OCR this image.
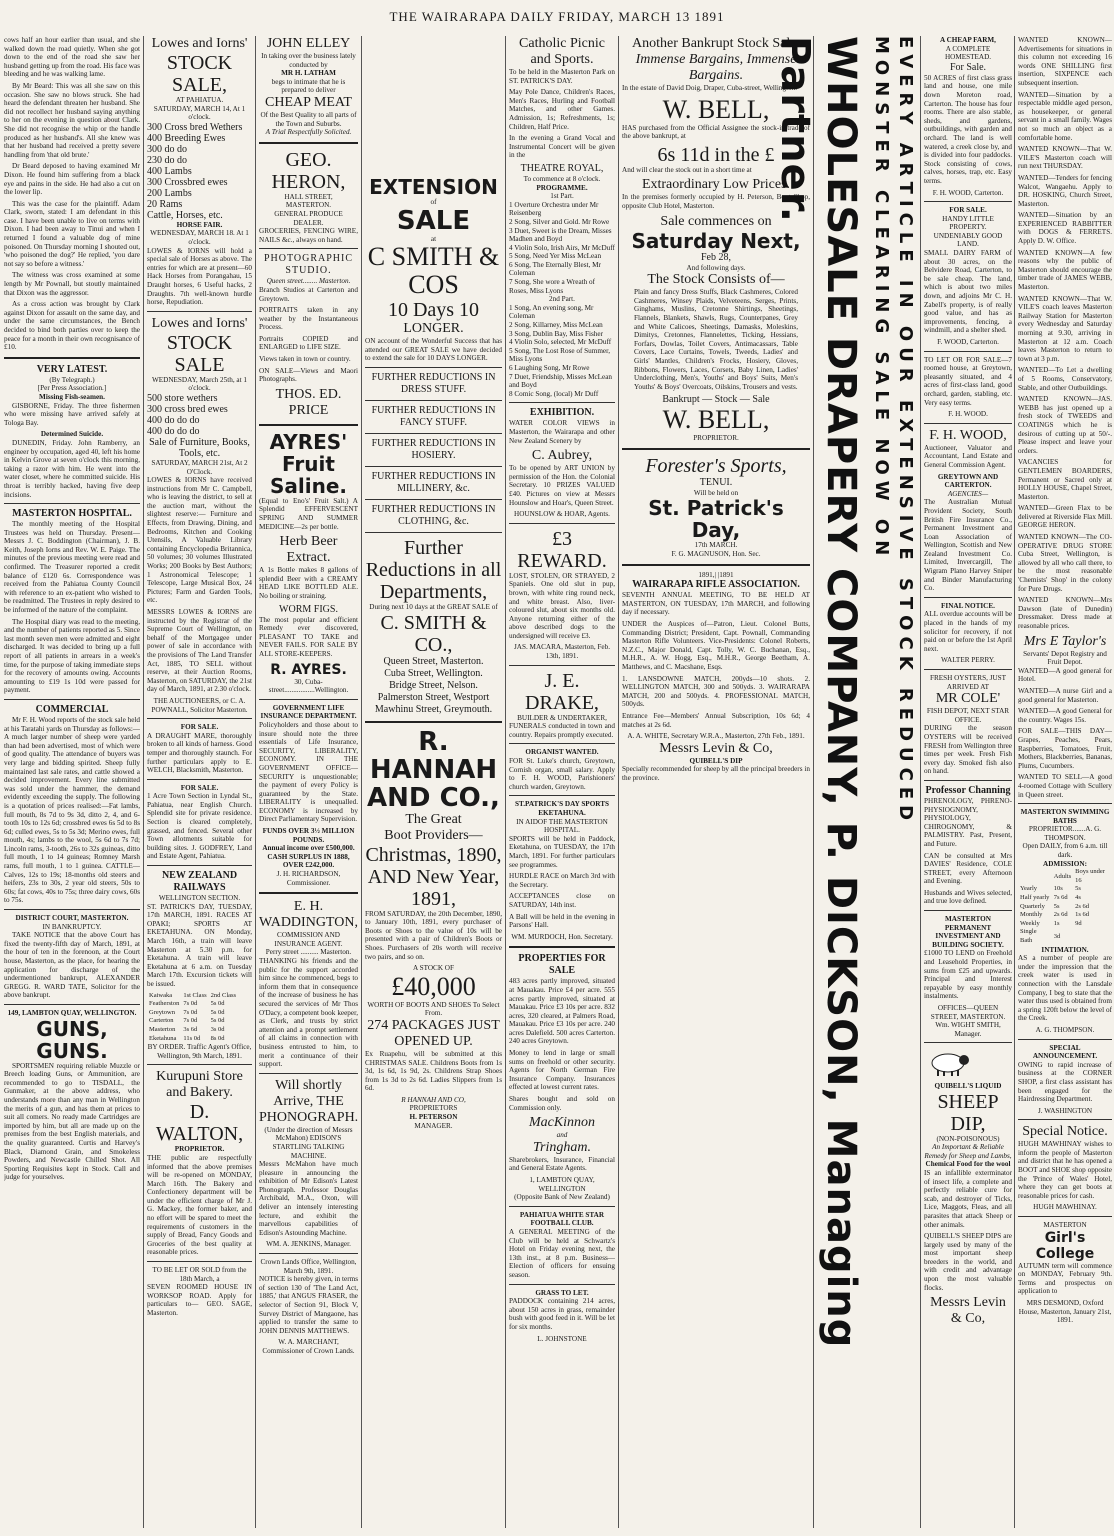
THE WAIRARAPA DAILY FRIDAY, MARCH 13 1891

cows half an hour earlier than usual, and she walked down the road quietly. When she got down to the end of the road she saw her husband getting up from the road. His face was bleeding and he was walking lame.

By Mr Beard: This was all she saw on this occasion. She saw no blows struck. She had heard the defendant threaten her husband. She did not recollect her husband saying anything to her on the evening in question about Clark. She did not recognise the whip or the handle produced as her husband's. All she knew was that her husband had received a pretty severe handling from 'that old brute.'

Dr Beard deposed to having examined Mr Dixon. He found him suffering from a black eye and pains in the side. He had also a cut on the lower lip.

This was the case for the plaintiff. Adam Clark, sworn, stated: I am defendant in this case. I have been unable to live on terms with Dixon. I had been away to Tinui and when I returned I found a valuable dog of mine poisoned. On Thursday morning I shouted out, 'who poisoned the dog?' He replied, 'you dare not say so before a witness.'

The witness was cross examined at some length by Mr Pownall, but stoutly maintained that Dixon was the aggressor.

As a cross action was brought by Clark against Dixon for assault on the same day, and under the same circumstances, the Bench decided to bind both parties over to keep the peace for a month in their own recognisance of £10.

VERY LATEST.
(By Telegraph.)
[Per Press Association.]
Missing Fish-seamen.

GISBORNE, Friday. The three fishermen who were missing have arrived safely at Tologa Bay.

Determined Suicide.

DUNEDIN, Friday. John Ramberry, an engineer by occupation, aged 40, left his home in Kelvin Grove at seven o'clock this morning, taking a razor with him. He went into the water closet, where he committed suicide. His throat is terribly hacked, having five deep incisions.

MASTERTON HOSPITAL.

The monthly meeting of the Hospital Trustees was held on Thursday. Present—Messrs J. C. Boddington (Chairman), J. B. Keith, Joseph Iorns and Rev. W. E. Paige. The minutes of the previous meeting were read and confirmed. The Treasurer reported a credit balance of £120 6s. Correspondence was received from the Pahiatua County Council with reference to an ex-patient who wished to be readmitted. The Trustees in reply desired to be informed of the nature of the complaint.

The Hospital diary was read to the meeting, and the number of patients reported as 5. Since last month seven men were admitted and eight discharged. It was decided to bring up a full report of all patients in arrears in a week's time, for the purpose of taking immediate steps for the recovery of amounts owing. Accounts amounting to £19 1s 10d were passed for payment.

COMMERCIAL

Mr F. H. Wood reports of the stock sale held at his Taratahi yards on Thursday as follows:—A much larger number of sheep were yarded than had been advertised, most of which were of good quality. The attendance of buyers was very large and bidding spirited. Sheep fully maintained last sale rates, and cattle showed a decided improvement. Every line submitted was sold under the hammer, the demand evidently exceeding the supply. The following is a quotation of prices realised:—Fat lambs, full mouth, 8s 7d to 9s 3d, ditto 2, 4, and 6-tooth 10s to 12s 6d; crossbred ewes 6s 5d to 8s 6d; culled ewes, 5s to 5s 3d; Merino ewes, full mouth, 4s; lambs to the wool, 5s 6d to 7s 7d; Lincoln rams, 3-tooth, 26s to 32s guineas, ditto full mouth, 1 to 14 guineas; Romney Marsh rams, full mouth, 1 to 1 guinea. CATTLE—Calves, 12s to 19s; 18-months old steers and heifers, 23s to 30s, 2 year old steers, 50s to 60s; fat cows, 40s to 75s; three dairy cows, 60s to 75s.

DISTRICT COURT, MASTERTON.
IN BANKRUPTCY.

TAKE NOTICE that the above Court has fixed the twenty-fifth day of March, 1891, at the hour of ten in the forenoon, at the Court house, Masterton, as the place, for hearing the application for discharge of the undermentioned bankrupt, ALEXANDER GREGG. R. WARD TATE, Solicitor for the above bankrupt.

149, LAMBTON QUAY, WELLINGTON.
GUNS, GUNS.

SPORTSMEN requiring reliable Muzzle or Breech loading Guns, or Ammunition, are recommended to go to TISDALL, the Gunmaker, at the above address, who understands more than any man in Wellington the merits of a gun, and has them at prices to suit all comers. No ready made Cartridges are imported by him, but all are made up on the premises from the best English materials, and the quality guaranteed. Curtis and Harvey's Black, Diamond Grain, and Smokeless Powders, and Newcastle Chilled Shot. All Sporting Requisites kept in Stock. Call and judge for yourselves.

Lowes and Iorns'
STOCK SALE,
AT PAHIATUA.
SATURDAY, MARCH 14, At 1 o'clock.
300 Cross bred Wethers
400 Breeding Ewes
300 do do
230 do do
400 Lambs
300 Crossbred ewes
200 Lambs
20 Rams
Cattle, Horses, etc.
HORSE FAIR.
WEDNESDAY, MARCH 18. At 1 o'clock.

LOWES & IORNS will hold a special sale of Horses as above. The entries for which are at present—60 Hack Horses from Porangahau, 15 Draught horses, 6 Useful hacks, 2 Draughts. 7th well-known hurdle horse, Repudiation.

Lowes and Iorns'
STOCK SALE
WEDNESDAY, March 25th, at 1 o'clock.
500 store wethers
300 cross bred ewes
400 do do do
400 do do do
Sale of Furniture, Books, Tools, etc.
SATURDAY, MARCH 21st, At 2 O'Clock.

LOWES & IORNS have received instructions from Mr C. Campbell, who is leaving the district, to sell at the auction mart, without the slightest reserve:— Furniture and Effects, from Drawing, Dining, and Bedrooms, Kitchen and Cooking Utensils, A Valuable Library containing Encyclopedia Britannica, 50 volumes; 30 volumes Illustrated Works; 200 Books by Best Authors; 1 Astronomical Telescope; 1 Telescope, Large Musical Box, 24 Pictures; Farm and Garden Tools, etc.

MESSRS LOWES & IORNS are instructed by the Registrar of the Supreme Court of Wellington, on behalf of the Mortgagee under power of sale in accordance with the provisions of The Land Transfer Act, 1885, TO SELL without reserve, at their Auction Rooms, Masterton, on SATURDAY, the 21st day of March, 1891, at 2.30 o'clock.

THE AUCTIONEERS, or C. A. POWNALL, Solicitor Masterton.
FOR SALE.

A DRAUGHT MARE, thoroughly broken to all kinds of harness. Good temper and thoroughly staunch. For further particulars apply to E. WELCH, Blacksmith, Masterton.

FOR SALE.

1 Acre Town Section in Lyndal St., Pahiatua, near English Church. Splendid site for private residence. Section is cleared completely, grassed, and fenced. Several other Town allotments suitable for building sites. J. GODFREY, Land and Estate Agent, Pahiatua.

NEW ZEALAND RAILWAYS
WELLINGTON SECTION.

ST. PATRICK'S DAY, TUESDAY, 17th MARCH, 1891. RACES AT OPAKI; SPORTS AT EKETAHUNA. ON Monday, March 16th, a train will leave Masterton at 5.30 p.m. for Eketahuna. A train will leave Eketahuna at 6 a.m. on Tuesday March 17th. Excursion tickets will be issued.

Kaiwaka	1st Class	2nd Class
Featherston	7s 0d	5s 0d
Greytown	7s 0d	5s 0d
Carterton	7s 0d	5s 0d
Masterton	3s 6d	3s 0d
Eketahuna	11s 0d	8s 0d
BY ORDER. Traffic Agent's Office, Wellington, 9th March, 1891.
Kurupuni Store and Bakery.
D. WALTON,
PROPRIETOR.

THE public are respectfully informed that the above premises will be re-opened on MONDAY, March 16th. The Bakery and Confectionery department will be under the efficient charge of Mr J. G. Mackey, the former baker, and no effort will be spared to meet the requirements of customers in the supply of Bread, Fancy Goods and Groceries of the best quality at reasonable prices.

TO BE LET OR SOLD from the 18th March, a

SEVEN ROOMED HOUSE IN WORKSOP ROAD. Apply for particulars to— GEO. SAGE, Masterton.

JOHN ELLEY
In taking over the business lately conducted by
MR H. LATHAM
begs to intimate that he is prepared to deliver
CHEAP MEAT
Of the Best Quality to all parts of the Town and Suburbs.
A Trial Respectfully Solicited.
GEO. HERON,
HALL STREET,
MASTERTON.
GENERAL PRODUCE DEALER.

GROCERIES, FENCING WIRE, NAILS &c., always on hand.

PHOTOGRAPHIC STUDIO.
Queen street........ Masterton.

Branch Studios at Carterton and Greytown.

PORTRAITS taken in any weather by the Instantaneous Process.

Portraits COPIED and ENLARGED to LIFE SIZE.

Views taken in town or country.

ON SALE—Views and Maori Photographs.

THOS. ED. PRICE
AYRES'
Fruit Saline.

(Equal to Eno's' Fruit Salt.) A Splendid EFFERVESCENT SPRING AND SUMMER MEDICINE—2s per bottle.

Herb Beer Extract.

A 1s Bottle makes 8 gallons of splendid Beer with a CREAMY HEAD LIKE BOTTLED ALE. No boiling or straining.

WORM FIGS.

The most popular and efficient Remedy ever discovered, PLEASANT TO TAKE and NEVER FAILS. FOR SALE BY ALL STORE-KEEPERS.

R. AYRES.
30, Cuba-street.................Wellington.
GOVERNMENT LIFE INSURANCE DEPARTMENT.

Policyholders and those about to insure should note the three essentials of Life Insurance, SECURITY, LIBERALITY, ECONOMY. IN THE GOVERNMENT OFFICE— SECURITY is unquestionable; the payment of every Policy is guaranteed by the State. LIBERALITY is unequalled. ECONOMY is increased by Direct Parliamentary Supervision.

FUNDS OVER 3½ MILLION POUNDS.
Annual income over £500,000.
CASH SURPLUS IN 1888, OVER £242,000.
J. H. RICHARDSON, Commissioner.
E. H. WADDINGTON,
COMMISSION AND INSURANCE AGENT.
Perry street .......... Masterton.

THANKING his friends and the public for the support accorded him since he commenced, begs to inform them that in consequence of the increase of business he has secured the services of Mr Thos O'Dacy, a competent book keeper, as Clerk, and trusts by strict attention and a prompt settlement of all claims in connection with business entrusted to him, to merit a continuance of their support.

Will shortly Arrive, THE PHONOGRAPH.
(Under the direction of Messrs McMahon) EDISON'S STARTLING TALKING MACHINE.

Messrs McMahon have much pleasure in announcing the exhibition of Mr Edison's Latest Phonograph. Professor Douglas Archibald, M.A., Oxon, will deliver an intensely interesting lecture, and exhibit the marvellous capabilities of Edison's Astounding Machine.

WM. A. JENKINS, Manager.
Crown Lands Office, Wellington, March 9th, 1891.

NOTICE is hereby given, in terms of section 130 of 'The Land Act, 1885,' that ANGUS FRASER, the selector of Section 91, Block V, Survey District of Mangaone, has applied to transfer the same to JOHN DENNIS MATTHEWS.

W. A. MARCHANT, Commissioner of Crown Lands.
EXTENSION
of
SALE
at
C SMITH & COS
10 Days 10
LONGER.

ON account of the Wonderful Success that has attended our GREAT SALE we have decided to extend the sale for 10 DAYS LONGER.

FURTHER REDUCTIONS IN DRESS STUFF.
FURTHER REDUCTIONS IN FANCY STUFF.
FURTHER REDUCTIONS IN HOSIERY.
FURTHER REDUCTIONS IN MILLINERY, &c.
FURTHER REDUCTIONS IN CLOTHING, &c.
Further Reductions in all Departments,
During next 10 days at the GREAT SALE of
C. SMITH & CO.,
Queen Street, Masterton.
Cuba Street, Wellington.
Bridge Street, Nelson.
Palmerston Street, Westport
Mawhinu Street, Greymouth.
R. HANNAH AND CO.,
The Great
Boot Providers—
Christmas, 1890,
AND New Year, 1891,

FROM SATURDAY, the 20th December, 1890, to January 10th, 1891, every purchaser of Boots or Shoes to the value of 10s will be presented with a pair of Children's Boots or Shoes. Purchasers of 20s worth will receive two pairs, and so on.

A STOCK OF
£40,000
WORTH OF BOOTS AND SHOES To Select From.
274 PACKAGES JUST OPENED UP.

Ex Ruapehu, will be submitted at this CHRISTMAS SALE. Childrens Boots from 1s 3d, 1s 6d, 1s 9d, 2s. Childrens Strap Shoes from 1s 3d to 2s 6d. Ladies Slippers from 1s 6d.

R HANNAH AND CO,
PROPRIETORS
H. PETERSON
MANAGER.
Catholic Picnic and Sports.

To be held in the Masterton Park on ST. PATRICK'S DAY.

May Pole Dance, Children's Races, Men's Races, Hurling and Football Matches, and other Games. Admission, 1s; Refreshments, 1s; Children, Half Price.

In the evening a Grand Vocal and Instrumental Concert will be given in the

THEATRE ROYAL,
To commence at 8 o'clock.
PROGRAMME.
1st Part.
1 Overture Orchestra under Mr Reisenberg
2 Song, Silver and Gold. Mr Rowe
3 Duet, Sweet is the Dream, Misses Madhen and Boyd
4 Violin Solo, Irish Airs, Mr McDuff
5 Song, Need Yer Miss McLean
6 Song, The Eternally Blest, Mr Coleman
7 Song, She wore a Wreath of Roses, Miss Lyons
2nd Part.
1 Song, An evening song, Mr Coleman
2 Song, Killarney, Miss McLean
3 Song, Dublin Bay, Miss Fisher
4 Violin Solo, selected, Mr McDuff
5 Song, The Lost Rose of Summer, Miss Lyons
6 Laughing Song, Mr Rowe
7 Duet, Friendship, Misses McLean and Boyd
8 Comic Song, (local) Mr Duff
EXHIBITION.

WATER COLOR VIEWS in Masterton, the Wairarapa and other New Zealand Scenery by

C. Aubrey,

To be opened by ART UNION by permission of the Hon. the Colonial Secretary. 10 PRIZES VALUED £40. Pictures on view at Messrs Hounslow and Hoar's, Queen Street.

HOUNSLOW & HOAR, Agents.
£3 REWARD.

LOST, STOLEN, OR STRAYED, 2 Spaniels. One old slut in pup, brown, with white ring round neck, and white breast. Also, liver-coloured slut, about six months old. Anyone returning either of the above described dogs to the undersigned will receive £3.

JAS. MACARA, Masterton, Feb. 13th, 1891.
J. E. DRAKE,
BUILDER & UNDERTAKER,

FUNERALS conducted in town and country. Repairs promptly executed.

ORGANIST WANTED.

FOR St. Luke's church, Greytown, Cornish organ, small salary. Apply to F. H. WOOD, Parishioners' church warden, Greytown.

ST.PATRICK'S DAY SPORTS EKETAHUNA.
IN AIDOF THE MASTERTON HOSPITAL.

SPORTS will be held in Paddock, Eketahuna, on TUESDAY, the 17th March, 1891. For further particulars see programmes.

HURDLE RACE on March 3rd with the Secretary.

ACCEPTANCES close on SATURDAY, 14th inst.

A Ball will be held in the evening in Parsons' Hall.

WM. MURDOCH, Hon. Secretary.
PROPERTIES FOR SALE

483 acres partly improved, situated at Mauakau. Price £4 per acre. 555 acres partly improved, situated at Mauakau. Price £3 10s per acre. 832 acres, 320 cleared, at Palmers Road, Mauakau. Price £3 10s per acre. 240 acres Dalefield. 500 acres Carterton. 240 acres Greytown.

Money to lend in large or small sums on freehold or other security. Agents for North German Fire Insurance Company. Insurances effected at lowest current rates.

Shares bought and sold on Commission only.

MacKinnon
and
Tringham.

Sharebrokers, Insurance, Financial and General Estate Agents.

1, LAMBTON QUAY, WELLINGTON
(Opposite Bank of New Zealand)
PAHIATUA WHITE STAR FOOTBALL CLUB.

A GENERAL MEETING of the Club will be held at Schwartz's Hotel on Friday evening next, the 13th inst., at 8 p.m. Business—Election of officers for ensuing season.

GRASS TO LET.

PADDOCK containing 214 acres, about 150 acres in grass, remainder bush with good feed in it. Will be let for six months.

L. JOHNSTONE
Another Bankrupt Stock Sale.
Immense Bargains, Immense Bargains.

In the estate of David Doig, Draper, Cuba-street, Wellington.

W. BELL,

HAS purchased from the Official Assignee the stock-in-trade of the above bankrupt, at

6s 11d in the £

And will clear the stock out in a short time at

Extraordinary Low Prices.

In the premises formerly occupied by H. Peterson, Boot Shop, opposite Club Hotel, Masterton.

Sale commences on
Saturday Next,
Feb 28,
And following days.
The Stock Consists of—

Plain and fancy Dress Stuffs, Black Cashmeres, Colored Cashmeres, Winsey Plaids, Velveteens, Serges, Prints, Ginghams, Muslins, Cretonne Shirtings, Sheetings, Flannels, Blankets, Shawls, Rugs, Counterpanes, Grey and White Calicoes, Sheetings, Damasks, Moleskins, Dimitys, Cretonnes, Flannelettes, Ticking, Hessians, Forfars, Dowlas, Toilet Covers, Antimacassars, Table Covers, Lace Curtains, Towels, Tweeds, Ladies' and Girls' Mantles, Children's Frocks, Hosiery, Gloves, Ribbons, Flowers, Laces, Corsets, Baby Linen, Ladies' Underclothing, Men's, Youths' and Boys' Suits, Men's Youths' & Boys' Overcoats, Oilskins, Trousers and vests.

Bankrupt — Stock — Sale
W. BELL,
PROPRIETOR.
Forester's Sports,
TENUI.
Will be held on
St. Patrick's Day,
17th MARCH.
F. G. MAGNUSON, Hon. Sec.
1891,| |1891
WAIRARAPA RIFLE ASSOCIATION.

SEVENTH ANNUAL MEETING, TO BE HELD AT MASTERTON, ON TUESDAY, 17th MARCH, and following day if necessary.

UNDER the Auspices of—Patron, Lieut. Colonel Butts, Commanding District; President, Capt. Pownall, Commanding Masterton Rifle Volunteers. Vice-Presidents: Colonel Roberts, N.Z.C., Major Donald, Capt. Tolly, W. C. Buchanan, Esq., M.H.R., A. W. Hogg, Esq., M.H.R., George Beetham, A. Matthews, and C. Macshane, Esqs.

1. LANSDOWNE MATCH, 200yds—10 shots. 2. WELLINGTON MATCH, 300 and 500yds. 3. WAIRARAPA MATCH, 200 and 500yds. 4. PROFESSIONAL MATCH, 500yds.

Entrance Fee—Members' Annual Subscription, 10s 6d; 4 matches at 2s 6d.

A. A. WHITE, Secretary W.R.A., Masterton, 27th Feb., 1891.
Messrs Levin & Co,
QUIBELL'S DIP

Specially recommended for sheep by all the principal breeders in the province.	WHOLESALE DRAPERY COMPANY, P. DICKSON, Managing Partner.	MONSTER CLEARING SALE NOW ON EVERY ARTICLE IN OUR EXTENSIVE STOCK REDUCED	A CHEAP FARM,
A COMPLETE HOMESTEAD.
For Sale.

50 ACRES of first class grass land and house, one mile down Moreton road, Carterton. The house has four rooms. There are also stable, sheds, and gardens, outbuildings, with garden and orchard. The land is well watered, a creek close by, and is divided into four paddocks. Stock consisting of cows, calves, horses, trap, etc. Easy terms.

F. H. WOOD, Carterton.
FOR SALE.
HANDY LITTLE PROPERTY.
UNDENIABLY GOOD LAND.

SMALL DAIRY FARM of about 30 acres, on the Belvidere Road, Carterton, to be sale cheap. The land, which is about two miles down, and adjoins Mr C. H. Zabell's property, is of really good value, and has as improvements, fencing, a windmill, and a shelter shed.

F. WOOD, Carterton.

TO LET OR FOR SALE—7 roomed house, at Greytown, pleasantly situated, and 4 acres of first-class land, good orchard, garden, stabling, etc. Very easy terms.

F. H. WOOD.
F. H. WOOD,

Auctioneer, Valuator and Accountant, Land Estate and General Commission Agent.

GREYTOWN AND CARTERTON.
AGENCIES—

The Australian Mutual Provident Society, South British Fire Insurance Co., Permanent Investment and Loan Association of Wellington, Scottish and New Zealand Investment Co. Limited, Invercargill, The Wigram Plano Harvey Sniper and Binder Manufacturing Co.

FINAL NOTICE.

ALL overdue accounts will be placed in the hands of my solicitor for recovery, if not paid on or before the 1st April next.

WALTER PERRY.
FRESH OYSTERS, JUST ARRIVED AT
MR COLE'
FISH DEPOT, NEXT STAR OFFICE.

DURING the season OYSTERS will be received FRESH from Wellington three times per week. Fresh Fish every day. Smoked fish also on hand.

Professor Channing

PHRENOLOGY, PHRENO-PHYSIOGNOMY, PHYSIOLOGY, CHIROGNOMY, & PALMISTRY. Past, Present, and Future.

CAN be consulted at Mrs DAVIES' Residence, COLE STREET, every Afternoon and Evening.

Husbands and Wives selected, and true love defined.

MASTERTON PERMANENT INVESTMENT AND BUILDING SOCIETY.

£1000 TO LEND on Freehold and Leasehold Properties, in sums from £25 and upwards. Principal and Interest repayable by easy monthly instalments.

OFFICES—QUEEN STREET, MASTERTON.
Wm. WIGHT SMITH, Manager.
QUIBELL'S LIQUID
SHEEP DIP,
(NON-POISONOUS)
An Important & Reliable Remedy for Sheep and Lambs,
Chemical Food for the wool

IS an infallible exterminator of insect life, a complete and perfectly reliable cure for scab, and destroyer of Ticks, Lice, Maggots, Fleas, and all parasites that attack Sheep or other animals.

QUIBELL'S SHEEP DIPS are largely used by many of the most important sheep breeders in the world, and with credit and advantage upon the most valuable flocks.

Messrs Levin & Co,

WANTED KNOWN—Advertisements for situations in this column not exceeding 16 words ONE SHILLING first insertion, SIXPENCE each subsequent insertion.

WANTED—Situation by a respectable middle aged person, as housekeeper, or general servant in a small family. Wages not so much an object as a comfortable home.

WANTED KNOWN—That W. VILE'S Masterton coach will run next THURSDAY.

WANTED—Tenders for fencing Walcot, Wangaehu. Apply to DR. HOSKING, Church Street, Masterton.

WANTED—Situation by an EXPERIENCED RABBITTER with DOGS & FERRETS. Apply D. W. Office.

WANTED KNOWN—A few reasons why the public of Masterton should encourage the timber trade of JAMES WEBB, Masterton.

WANTED KNOWN—That W. VILE'S coach leaves Masterton Railway Station for Masterton every Wednesday and Saturday morning at 9.30, arriving in Masterton at 12 a.m. Coach leaves Masterton to return to town at 3 p.m.

WANTED—To Let a dwelling of 5 Rooms, Conservatory, Stable, and other Outbuildings.

WANTED KNOWN—JAS. WEBB has just opened up a fresh stock of TWEEDS and COATINGS which he is desirous of cutting up at 50/-. Please inspect and leave your orders.

VACANCIES for GENTLEMEN BOARDERS, Permanent or Sacred only at HOLLY HOUSE, Chapel Street, Masterton.

WANTED—Green Flax to be delivered at Riverside Flax Mill. GEORGE HERON.

WANTED KNOWN—The CO-OPERATIVE DRUG STORE Cuba Street, Wellington, is allowed by all who call there, to be the most reasonable 'Chemists' Shop' in the colony for Pure Drugs.

WANTED KNOWN—Mrs Dawson (late of Dunedin) Dressmaker. Dress made at reasonable prices.

Mrs E Taylor's
Servants' Depot Registry and Fruit Depot.

WANTED—A good general for Hotel.

WANTED—A nurse Girl and a good general for Masterton.

WANTED—A good General for the country. Wages 15s.

FOR SALE—THIS DAY—Grapes, Peaches, Pears, Raspberries, Tomatoes, Fruit, Mothers, Blackberries, Bananas, Plums, Cucumbers.

WANTED TO SELL—A good 4-roomed Cottage with Scullery in Queen street.

MASTERTON SWIMMING BATHS
PROPRIETOR.......A. G. THOMPSON.
Open DAILY, from 6 a.m. till dark.
ADMISSION:
	Adults	Boys under 16
Yearly	10s	5s
Half yearly	7s 6d	4s
Quarterly	5s	2s 6d
Monthly	2s 6d	1s 6d
Weekly	1s	9d
Single Bath	3d	
INTIMATION.

AS a number of people are under the impression that the creek water is used in connection with the Lansdale Company, I beg to state that the water thus used is obtained from a spring 120ft below the level of the Creek.

A. G. THOMPSON.
SPECIAL ANNOUNCEMENT.

OWING to rapid increase of business at the CORNER SHOP, a first class assistant has been engaged for the Hairdressing Department.

J. WASHINGTON
Special Notice.

HUGH MAWHINAY wishes to inform the people of Masterton and district that he has opened a BOOT and SHOE shop opposite the 'Prince of Wales' Hotel, where they can get boots at reasonable prices for cash.

HUGH MAWHINAY.
MASTERTON
Girl's College

AUTUMN term will commence on MONDAY, February 9th. Terms and prospectus on application to

MRS DESMOND, Oxford House, Masterton, January 21st, 1891.
